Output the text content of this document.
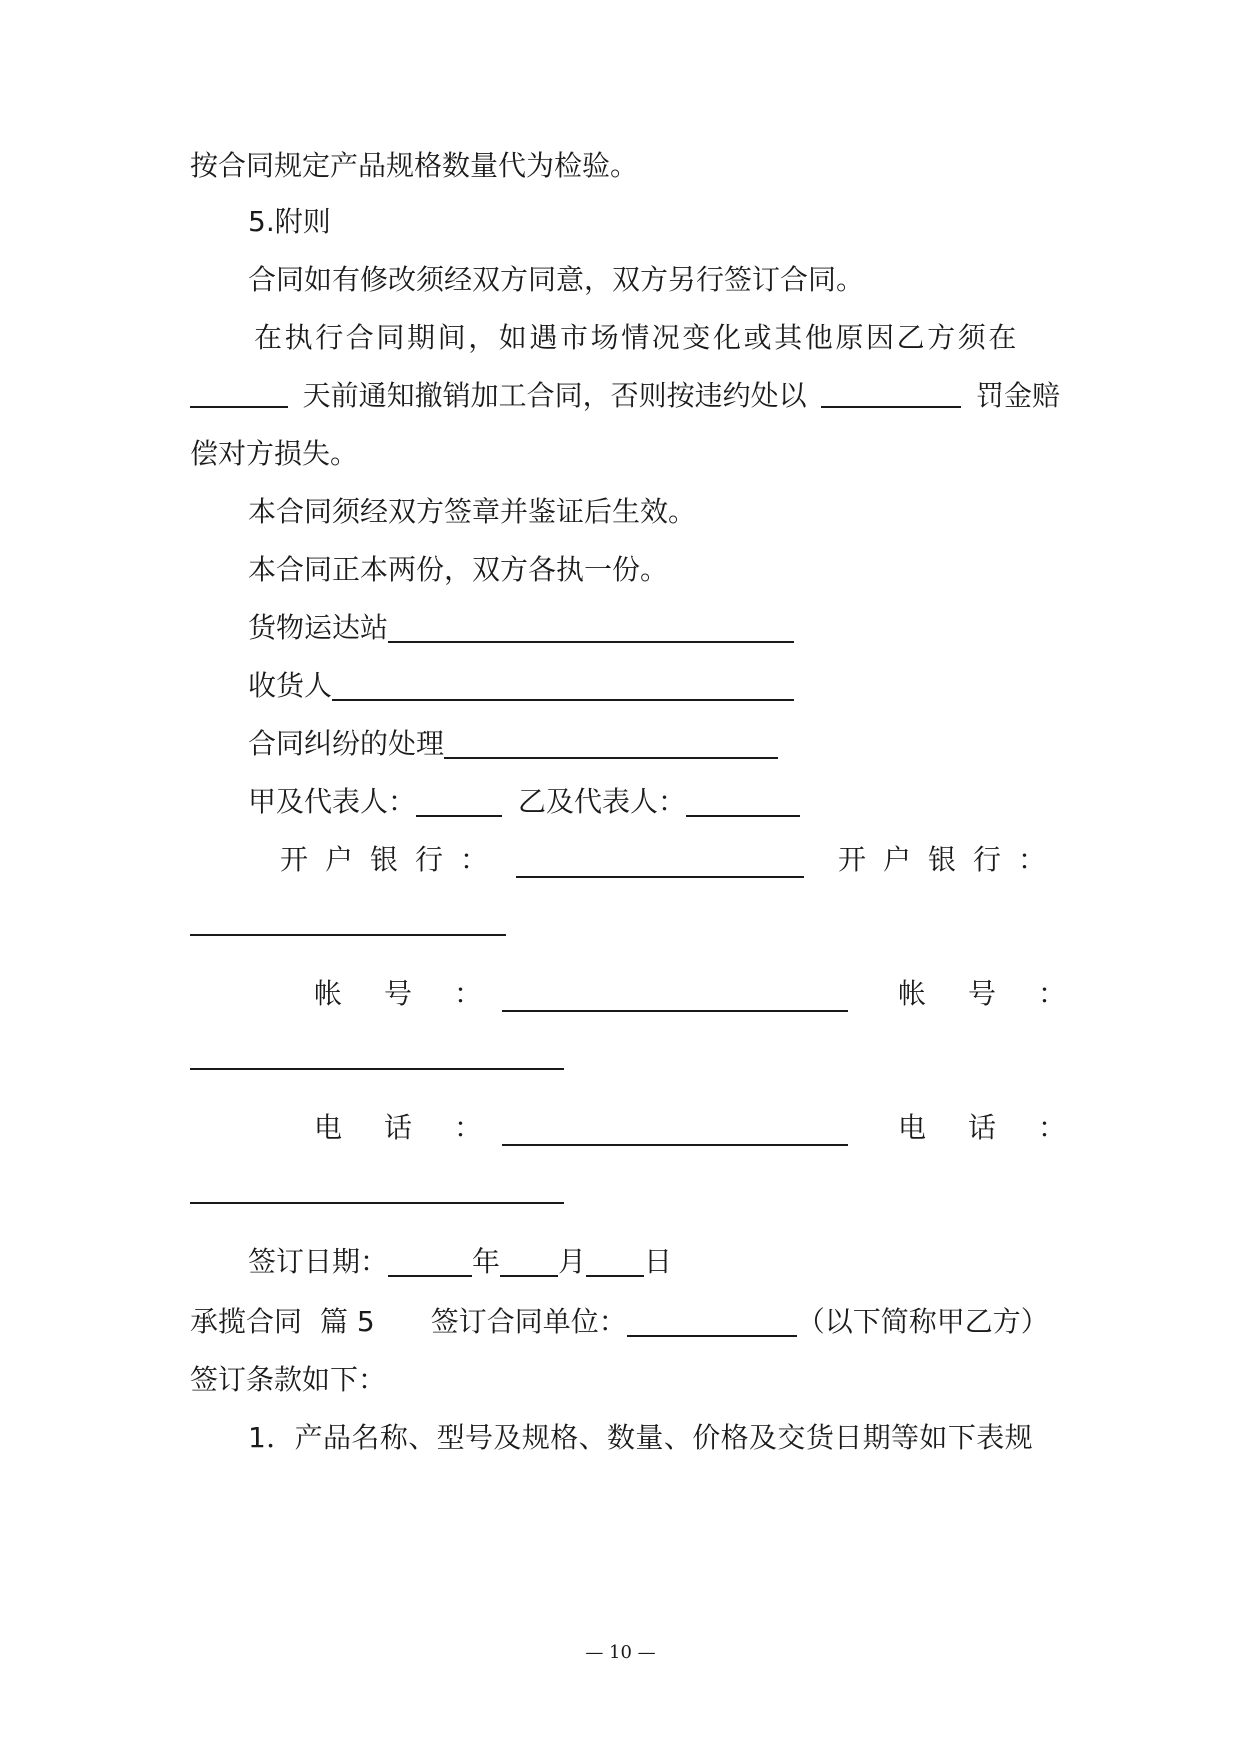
按合同规定产品规格数量代为检验。
5.附则
合同如有修改须经双方同意，双方另行签订合同。
在执行合同期间，如遇市场情况变化或其他原因乙方须在
天前通知撤销加工合同，否则按违约处以	罚金赔
偿对方损失。
本合同须经双方签章并鉴证后生效。
本合同正本两份，双方各执一份。
货物运达站
收货人
合同纠纷的处理
甲及代表人：	乙及代表人：
开户银行：	开户银行：
帐号：	帐号：
电话：	电话：
签订日期：	年 月 日
承揽合同 篇 5 签订合同单位：	（以下简称甲乙方）
签订条款如下：
1．产品名称、型号及规格、数量、价格及交货日期等如下表规
— 10 —
